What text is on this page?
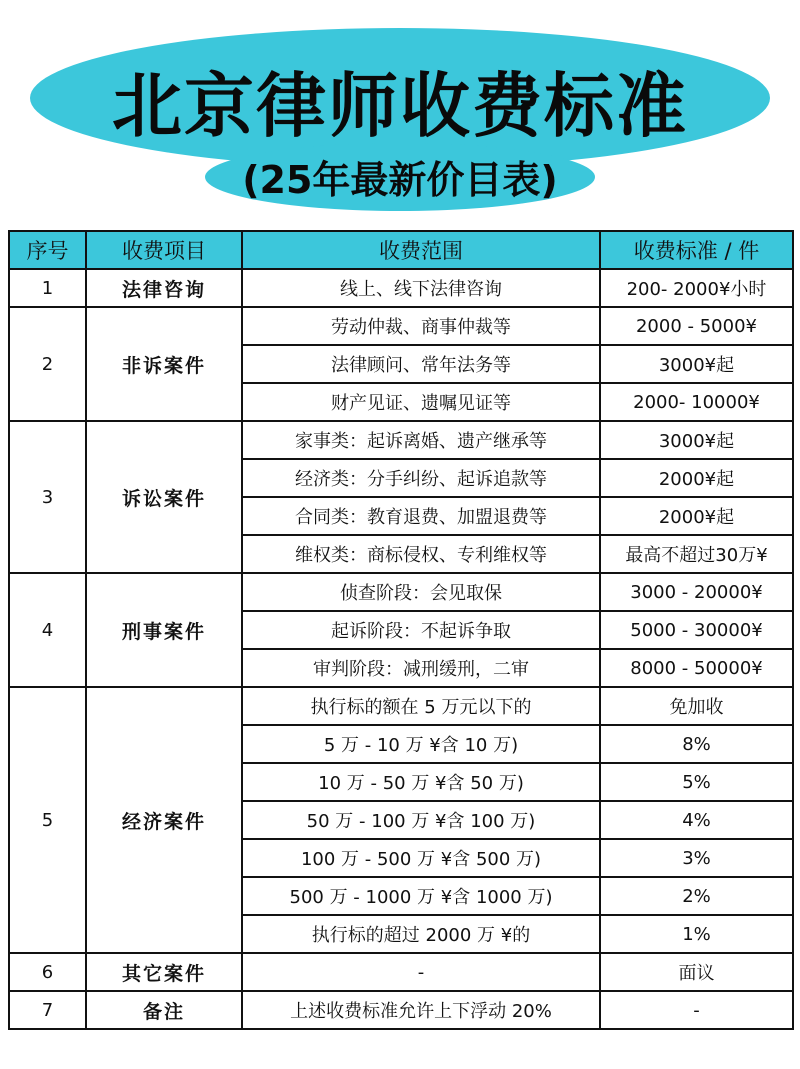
北京律师收费标准
(25年最新价目表)
序号	收费项目	收费范围	收费标准 / 件
1	法律咨询	线上、线下法律咨询	200- 2000¥小时
2	非诉案件	劳动仲裁、商事仲裁等	2000 - 5000¥
		法律顾问、常年法务等	3000¥起
		财产见证、遗嘱见证等	2000- 10000¥
3	诉讼案件	家事类：起诉离婚、遗产继承等	3000¥起
		经济类：分手纠纷、起诉追款等	2000¥起
		合同类：教育退费、加盟退费等	2000¥起
		维权类：商标侵权、专利维权等	最高不超过30万¥
4	刑事案件	侦查阶段：会见取保	3000 - 20000¥
		起诉阶段：不起诉争取	5000 - 30000¥
		审判阶段：减刑缓刑，二审	8000 - 50000¥
5	经济案件	执行标的额在 5 万元以下的	免加收
		5 万 - 10 万 ¥含 10 万)	8%
		10 万 - 50 万 ¥含 50 万)	5%
		50 万 - 100 万 ¥含 100 万)	4%
		100 万 - 500 万 ¥含 500 万)	3%
		500 万 - 1000 万 ¥含 1000 万)	2%
		执行标的超过 2000 万 ¥的	1%
6	其它案件	-	面议
7	备注	上述收费标准允许上下浮动 20%	-
